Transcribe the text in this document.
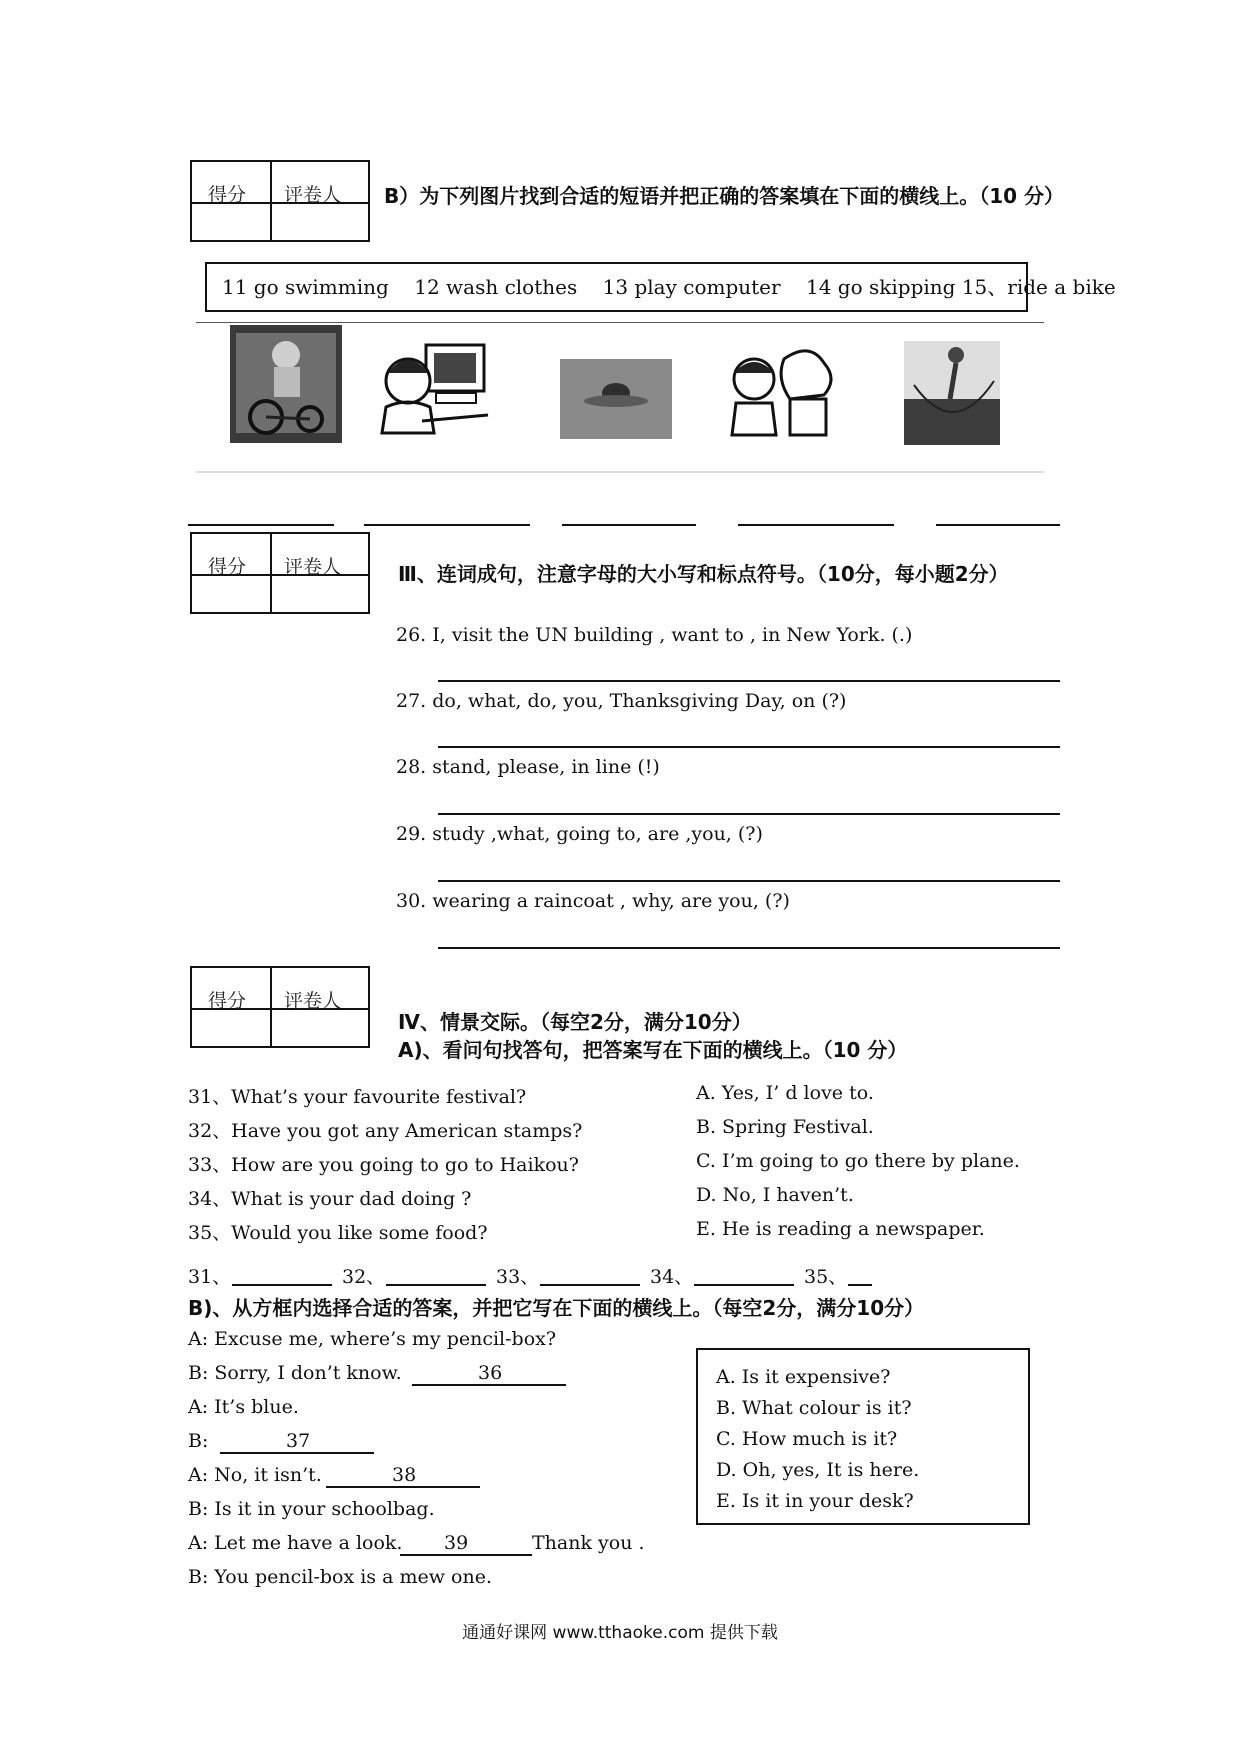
得分 评卷人 B）为下列图片找到合适的短语并把正确的答案填在下面的横线上。（10 分）
11 go swimming    12 wash clothes    13 play computer    14 go skipping 15、ride a bike
得分 评卷人	Ⅲ、连词成句，注意字母的大小写和标点符号。（10分，每小题2分）
26. I, visit the UN building , want to , in New York. (.)
27. do, what, do, you, Thanksgiving Day, on (?)
28. stand, please, in line (!)
29. study ,what, going to, are ,you, (?)
30. wearing a raincoat , why, are you, (?)
得分 评卷人
Ⅳ、情景交际。（每空2分，满分10分）
A)、看问句找答句，把答案写在下面的横线上。（10 分）
31、What’s your favourite festival?
32、Have you got any American stamps?
33、How are you going to go to Haikou?
34、What is your dad doing ?
35、Would you like some food?
A. Yes, I’ d love to.
B. Spring Festival.
C. I’m going to go there by plane.
D. No, I haven’t.
E. He is reading a newspaper.
31、	32、	33、	34、	35、
B)、从方框内选择合适的答案，并把它写在下面的横线上。（每空2分，满分10分）
A: Excuse me, where’s my pencil-box?
B: Sorry, I don’t know.	36
A: It’s blue.
B:	37
A: No, it isn’t.	38
B: Is it in your schoolbag.
A: Let me have a look. 39	Thank you .
B: You pencil-box is a mew one.
A. Is it expensive?
B. What colour is it?
C. How much is it?
D. Oh, yes, It is here.
E. Is it in your desk?
通通好课网 www.tthaoke.com 提供下载
